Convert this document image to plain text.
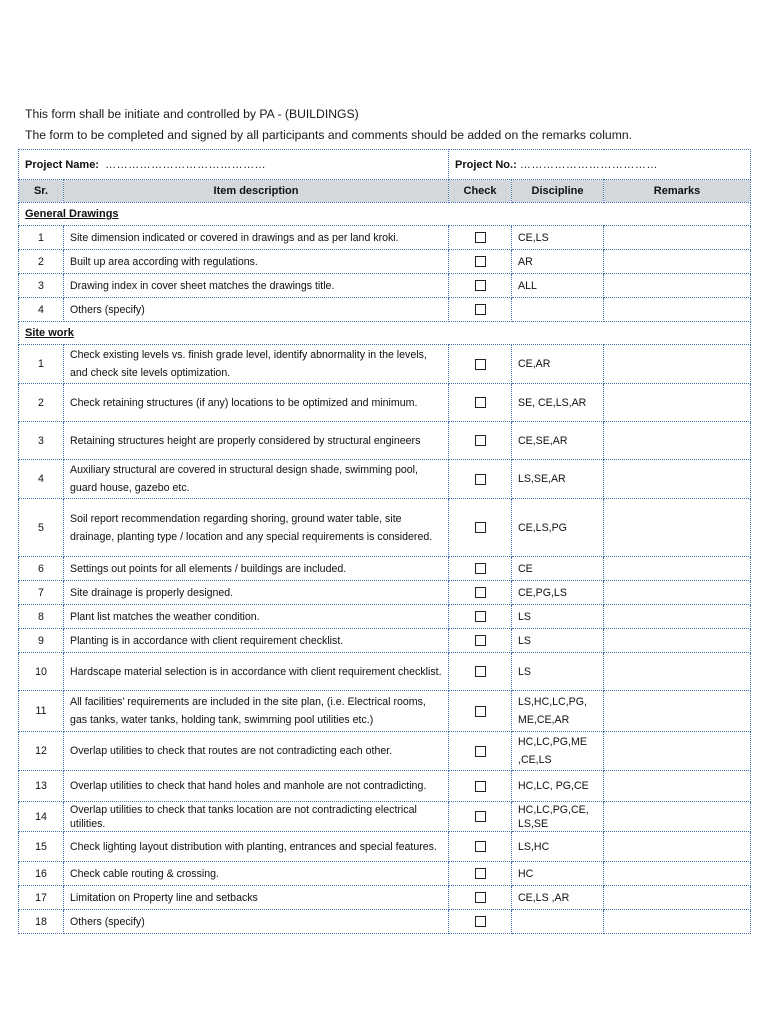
This form shall be initiate and controlled by PA - (BUILDINGS)

The form to be completed and signed by all participants and comments should be added on the remarks column.

Project Name: ……………………………………		Project No.: ………………………………		
Sr.	Item description	Check	Discipline	Remarks
General Drawings				
1	Site dimension indicated or covered in drawings and as per land kroki.		CE,LS	
2	Built up area according with regulations.		AR	
3	Drawing index in cover sheet matches the drawings title.		ALL	
4	Others (specify)			
Site work				
1	Check existing levels vs. finish grade level, identify abnormality in the levels, and check site levels optimization.		CE,AR	
2	Check retaining structures (if any) locations to be optimized and minimum.		SE, CE,LS,AR	
3	Retaining structures height are properly considered by structural engineers		CE,SE,AR	
4	Auxiliary structural are covered in structural design shade, swimming pool, guard house, gazebo etc.		LS,SE,AR	
5	Soil report recommendation regarding shoring, ground water table, site drainage, planting type / location and any special requirements is considered.		CE,LS,PG	
6	Settings out points for all elements / buildings are included.		CE	
7	Site drainage is properly designed.		CE,PG,LS	
8	Plant list matches the weather condition.		LS	
9	Planting is in accordance with client requirement checklist.		LS	
10	Hardscape material selection is in accordance with client requirement checklist.		LS	
11	All facilities’ requirements are included in the site plan, (i.e. Electrical rooms, gas tanks, water tanks, holding tank, swimming pool utilities etc.)		LS,HC,LC,PG, ME,CE,AR	
12	Overlap utilities to check that routes are not contradicting each other.		HC,LC,PG,ME ,CE,LS	
13	Overlap utilities to check that hand holes and manhole are not contradicting.		HC,LC, PG,CE	
14	Overlap utilities to check that tanks location are not contradicting electrical utilities.		HC,LC,PG,CE, LS,SE	
15	Check lighting layout distribution with planting, entrances and special features.		LS,HC	
16	Check cable routing & crossing.		HC	
17	Limitation on Property line and setbacks		CE,LS ,AR	
18	Others (specify)			
